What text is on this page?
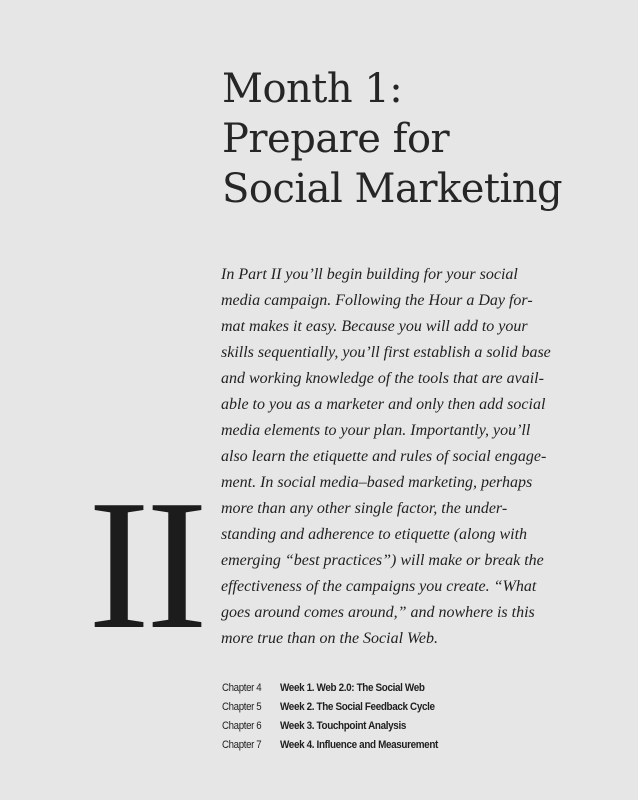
Month 1:
Prepare for
Social Marketing

In Part II you’ll begin building for your social
media campaign. Following the Hour a Day for-
mat makes it easy. Because you will add to your
skills sequentially, you’ll first establish a solid base
and working knowledge of the tools that are avail-
able to you as a marketer and only then add social
media elements to your plan. Importantly, you’ll
also learn the etiquette and rules of social engage-
ment. In social media–based marketing, perhaps
more than any other single factor, the under-
standing and adherence to etiquette (along with
emerging “best practices”) will make or break the
effectiveness of the campaigns you create. “What
goes around comes around,” and nowhere is this
more true than on the Social Web.

II
Chapter 4	Week 1. Web 2.0: The Social Web
Chapter 5	Week 2. The Social Feedback Cycle
Chapter 6	Week 3. Touchpoint Analysis
Chapter 7	Week 4. Influence and Measurement
